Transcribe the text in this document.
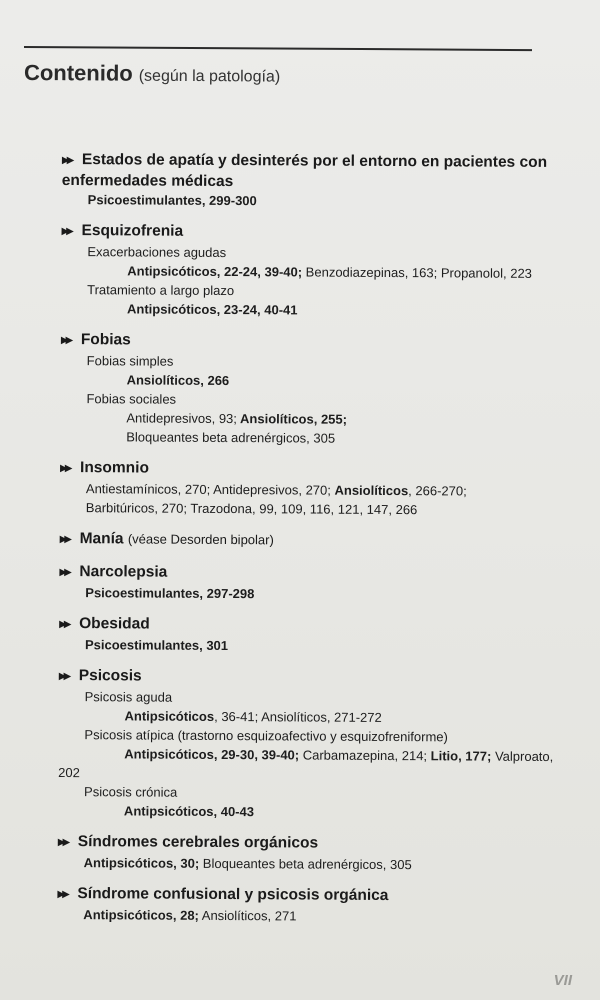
Contenido (según la patología)
▶▶ Estados de apatía y desinterés por el entorno en pacientes con enfermedades médicas
Psicoestimulantes, 299-300
▶▶ Esquizofrenia
Exacerbaciones agudas
Antipsicóticos, 22-24, 39-40; Benzodiazepinas, 163; Propanolol, 223
Tratamiento a largo plazo
Antipsicóticos, 23-24, 40-41
▶▶ Fobias
Fobias simples
Ansiolíticos, 266
Fobias sociales
Antidepresivos, 93; Ansiolíticos, 255;
Bloqueantes beta adrenérgicos, 305
▶▶ Insomnio
Antiestamínicos, 270; Antidepresivos, 270; Ansiolíticos, 266-270;
Barbitúricos, 270; Trazodona, 99, 109, 116, 121, 147, 266
▶▶ Manía (véase Desorden bipolar)
▶▶ Narcolepsia
Psicoestimulantes, 297-298
▶▶ Obesidad
Psicoestimulantes, 301
▶▶ Psicosis
Psicosis aguda
Antipsicóticos, 36-41; Ansiolíticos, 271-272
Psicosis atípica (trastorno esquizoafectivo y esquizofreniforme)
Antipsicóticos, 29-30, 39-40; Carbamazepina, 214; Litio, 177; Valproato,
202
Psicosis crónica
Antipsicóticos, 40-43
▶▶ Síndromes cerebrales orgánicos
Antipsicóticos, 30; Bloqueantes beta adrenérgicos, 305
▶▶ Síndrome confusional y psicosis orgánica
Antipsicóticos, 28; Ansiolíticos, 271
VII
